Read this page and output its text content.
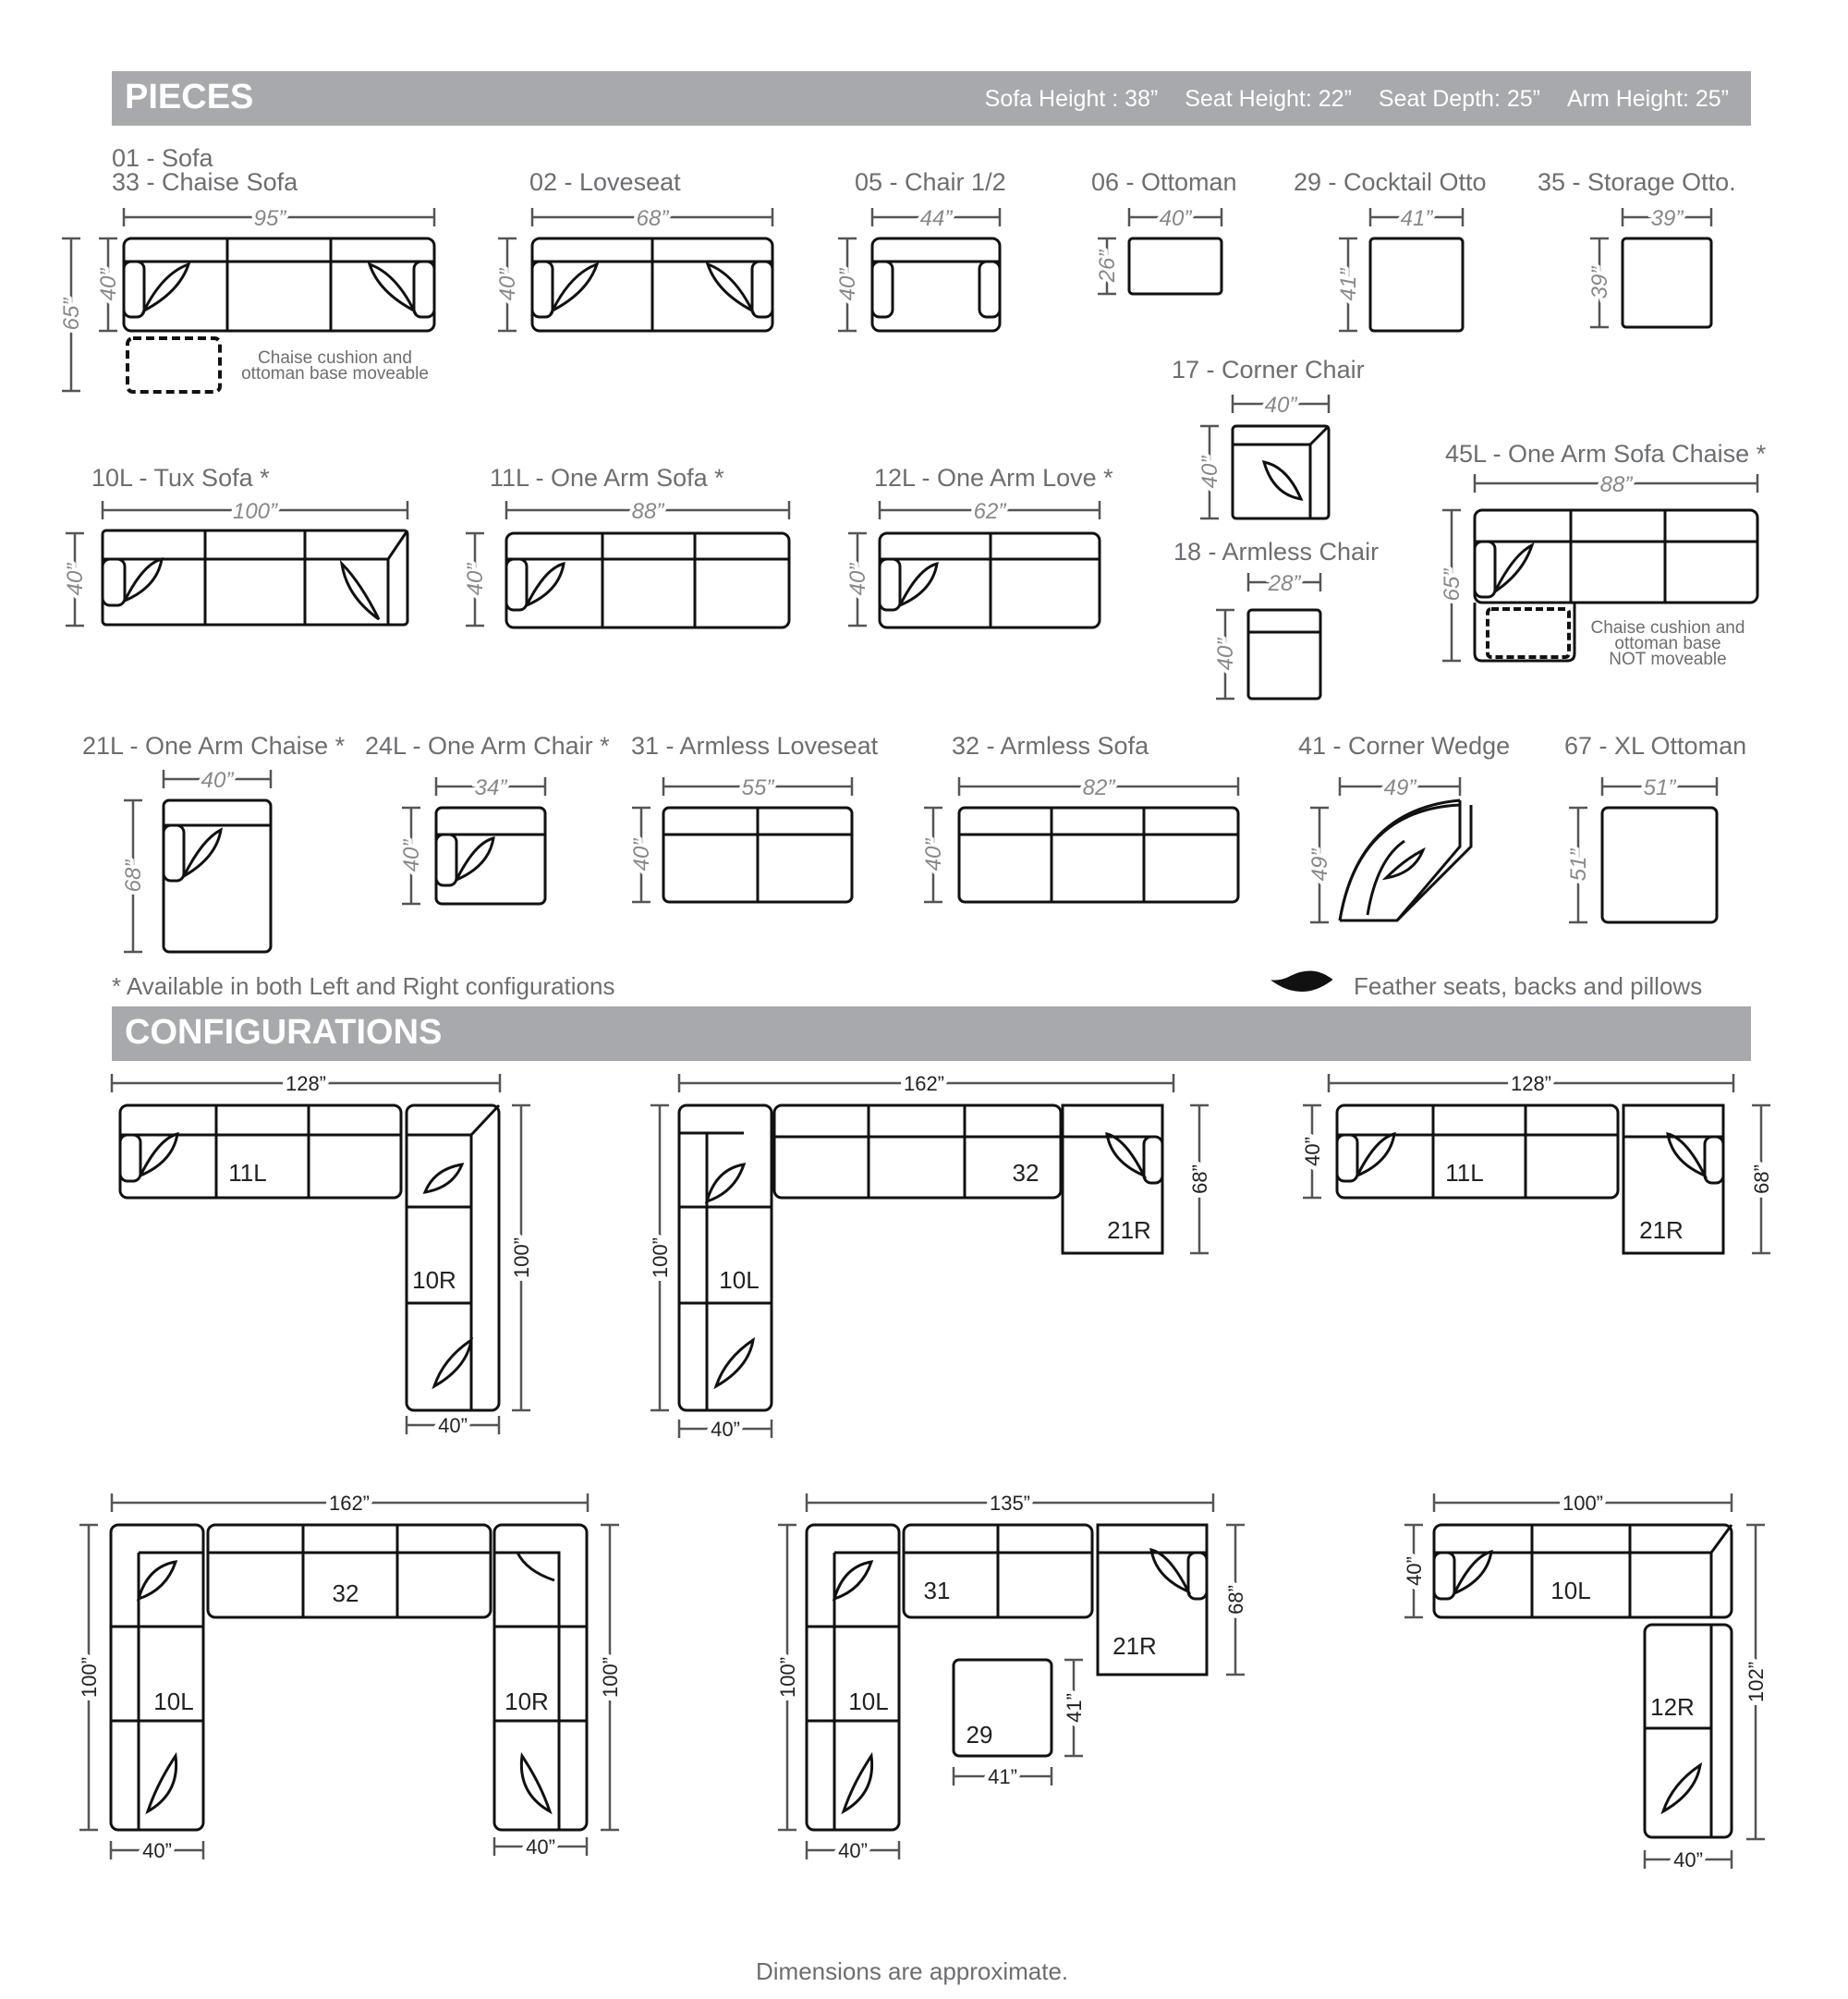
PIECES	Sofa Height : 38” Seat Height: 22” Seat Depth: 25” Arm Height: 25”
CONFIGURATIONS
01 - Sofa
33 - Chaise Sofa	02 - Loveseat	05 - Chair 1/2	06 - Ottoman 29 - Cocktail Otto 35 - Storage Otto.
17 - Corner Chair
18 - Armless Chair
45L - One Arm Sofa Chaise *
10L - Tux Sofa *	11L - One Arm Sofa *	12L - One Arm Love *
21L - One Arm Chaise * 24L - One Arm Chair * 31 - Armless Loveseat	32 - Armless Sofa	41 - Corner Wedge 67 - XL Ottoman
Chaise cushion and
ottoman base moveable
Chaise cushion and
ottoman base
NOT moveable
* Available in both Left and Right configurations	Feather seats, backs and pillows
Dimensions are approximate.
95”	68”	44”	40”	41”	39”
40”
28”
88”
100”	88”	62”
40”	34”	55”	82”	49”	51”
65”
40”	40”	40”
26”
41”	39”
40”
40”
65”
40”	40”	40”
68”
40”	40”	40”	49”	51”
128”
40”
100”
162”
40”
100”
68”
128”
40”
68”
162”
100”	100”
40”	40”
135”
100”
40”
68”
41”
41”
100”
40”
102”
40”
11L
10R
32
21R
10L
11L
21R
32
10L	10R
31
21R
10L
29
10L
12R
